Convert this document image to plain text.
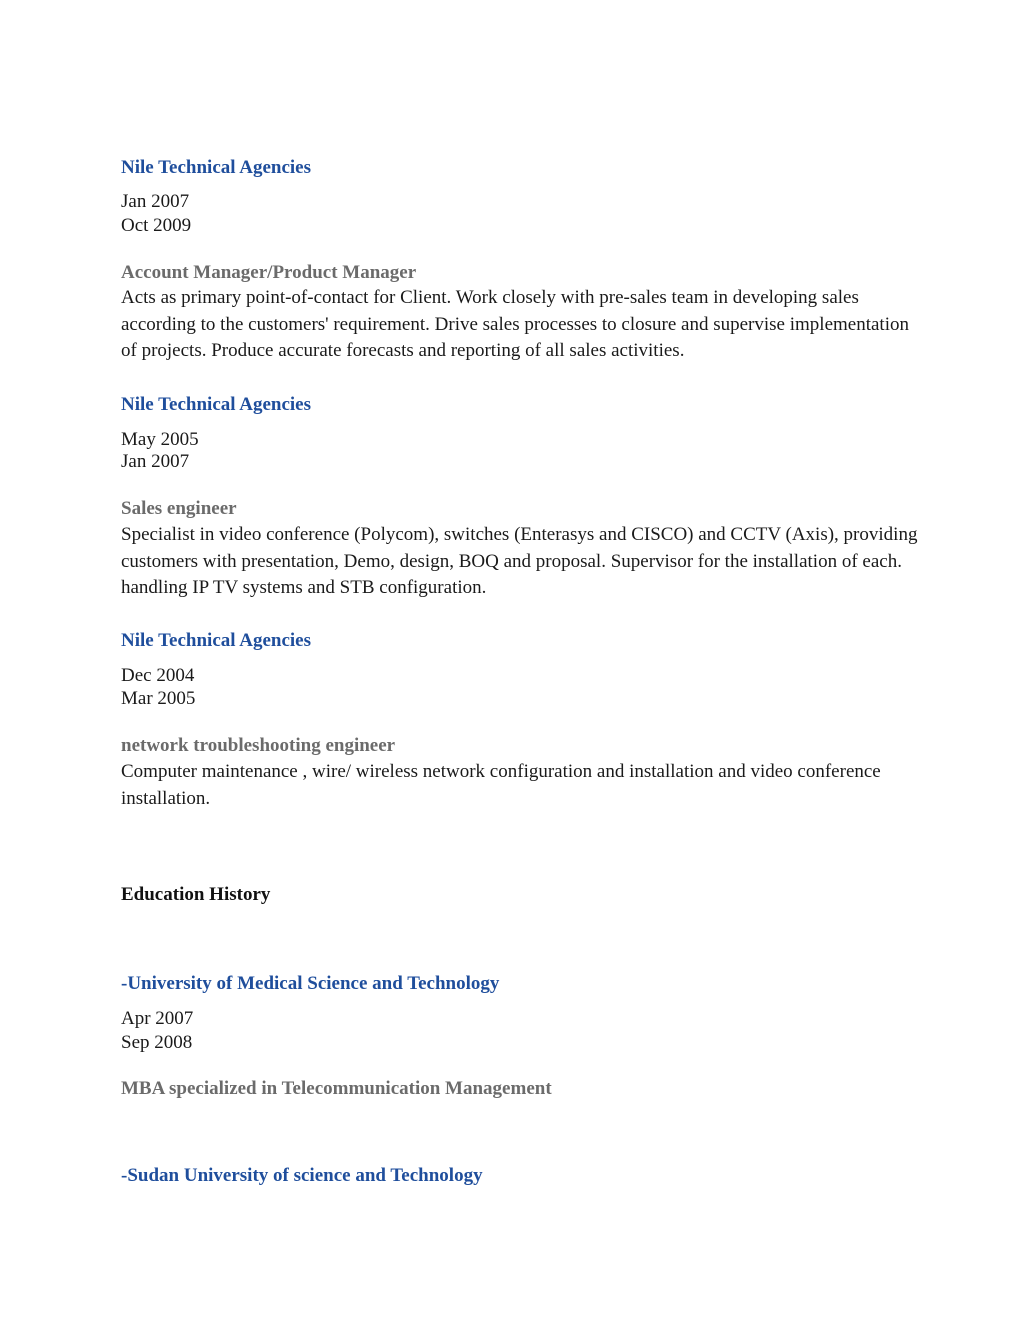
Nile Technical Agencies
Jan 2007
Oct 2009
Account Manager/Product Manager
Acts as primary point-of-contact for Client. Work closely with pre-sales team in developing sales according to the customers' requirement. Drive sales processes to closure and supervise implementation of projects. Produce accurate forecasts and reporting of all sales activities.
Nile Technical Agencies
May 2005
Jan 2007
Sales engineer
Specialist in video conference (Polycom), switches (Enterasys and CISCO) and CCTV (Axis), providing customers with presentation, Demo, design, BOQ and proposal. Supervisor for the installation of each. handling IP TV systems and STB configuration.
Nile Technical Agencies
Dec 2004
Mar 2005
network troubleshooting engineer
Computer maintenance , wire/ wireless network configuration and installation and video conference installation.
Education History
-University of Medical Science and Technology
Apr 2007
Sep 2008
MBA specialized in Telecommunication Management
-Sudan University of science and Technology
